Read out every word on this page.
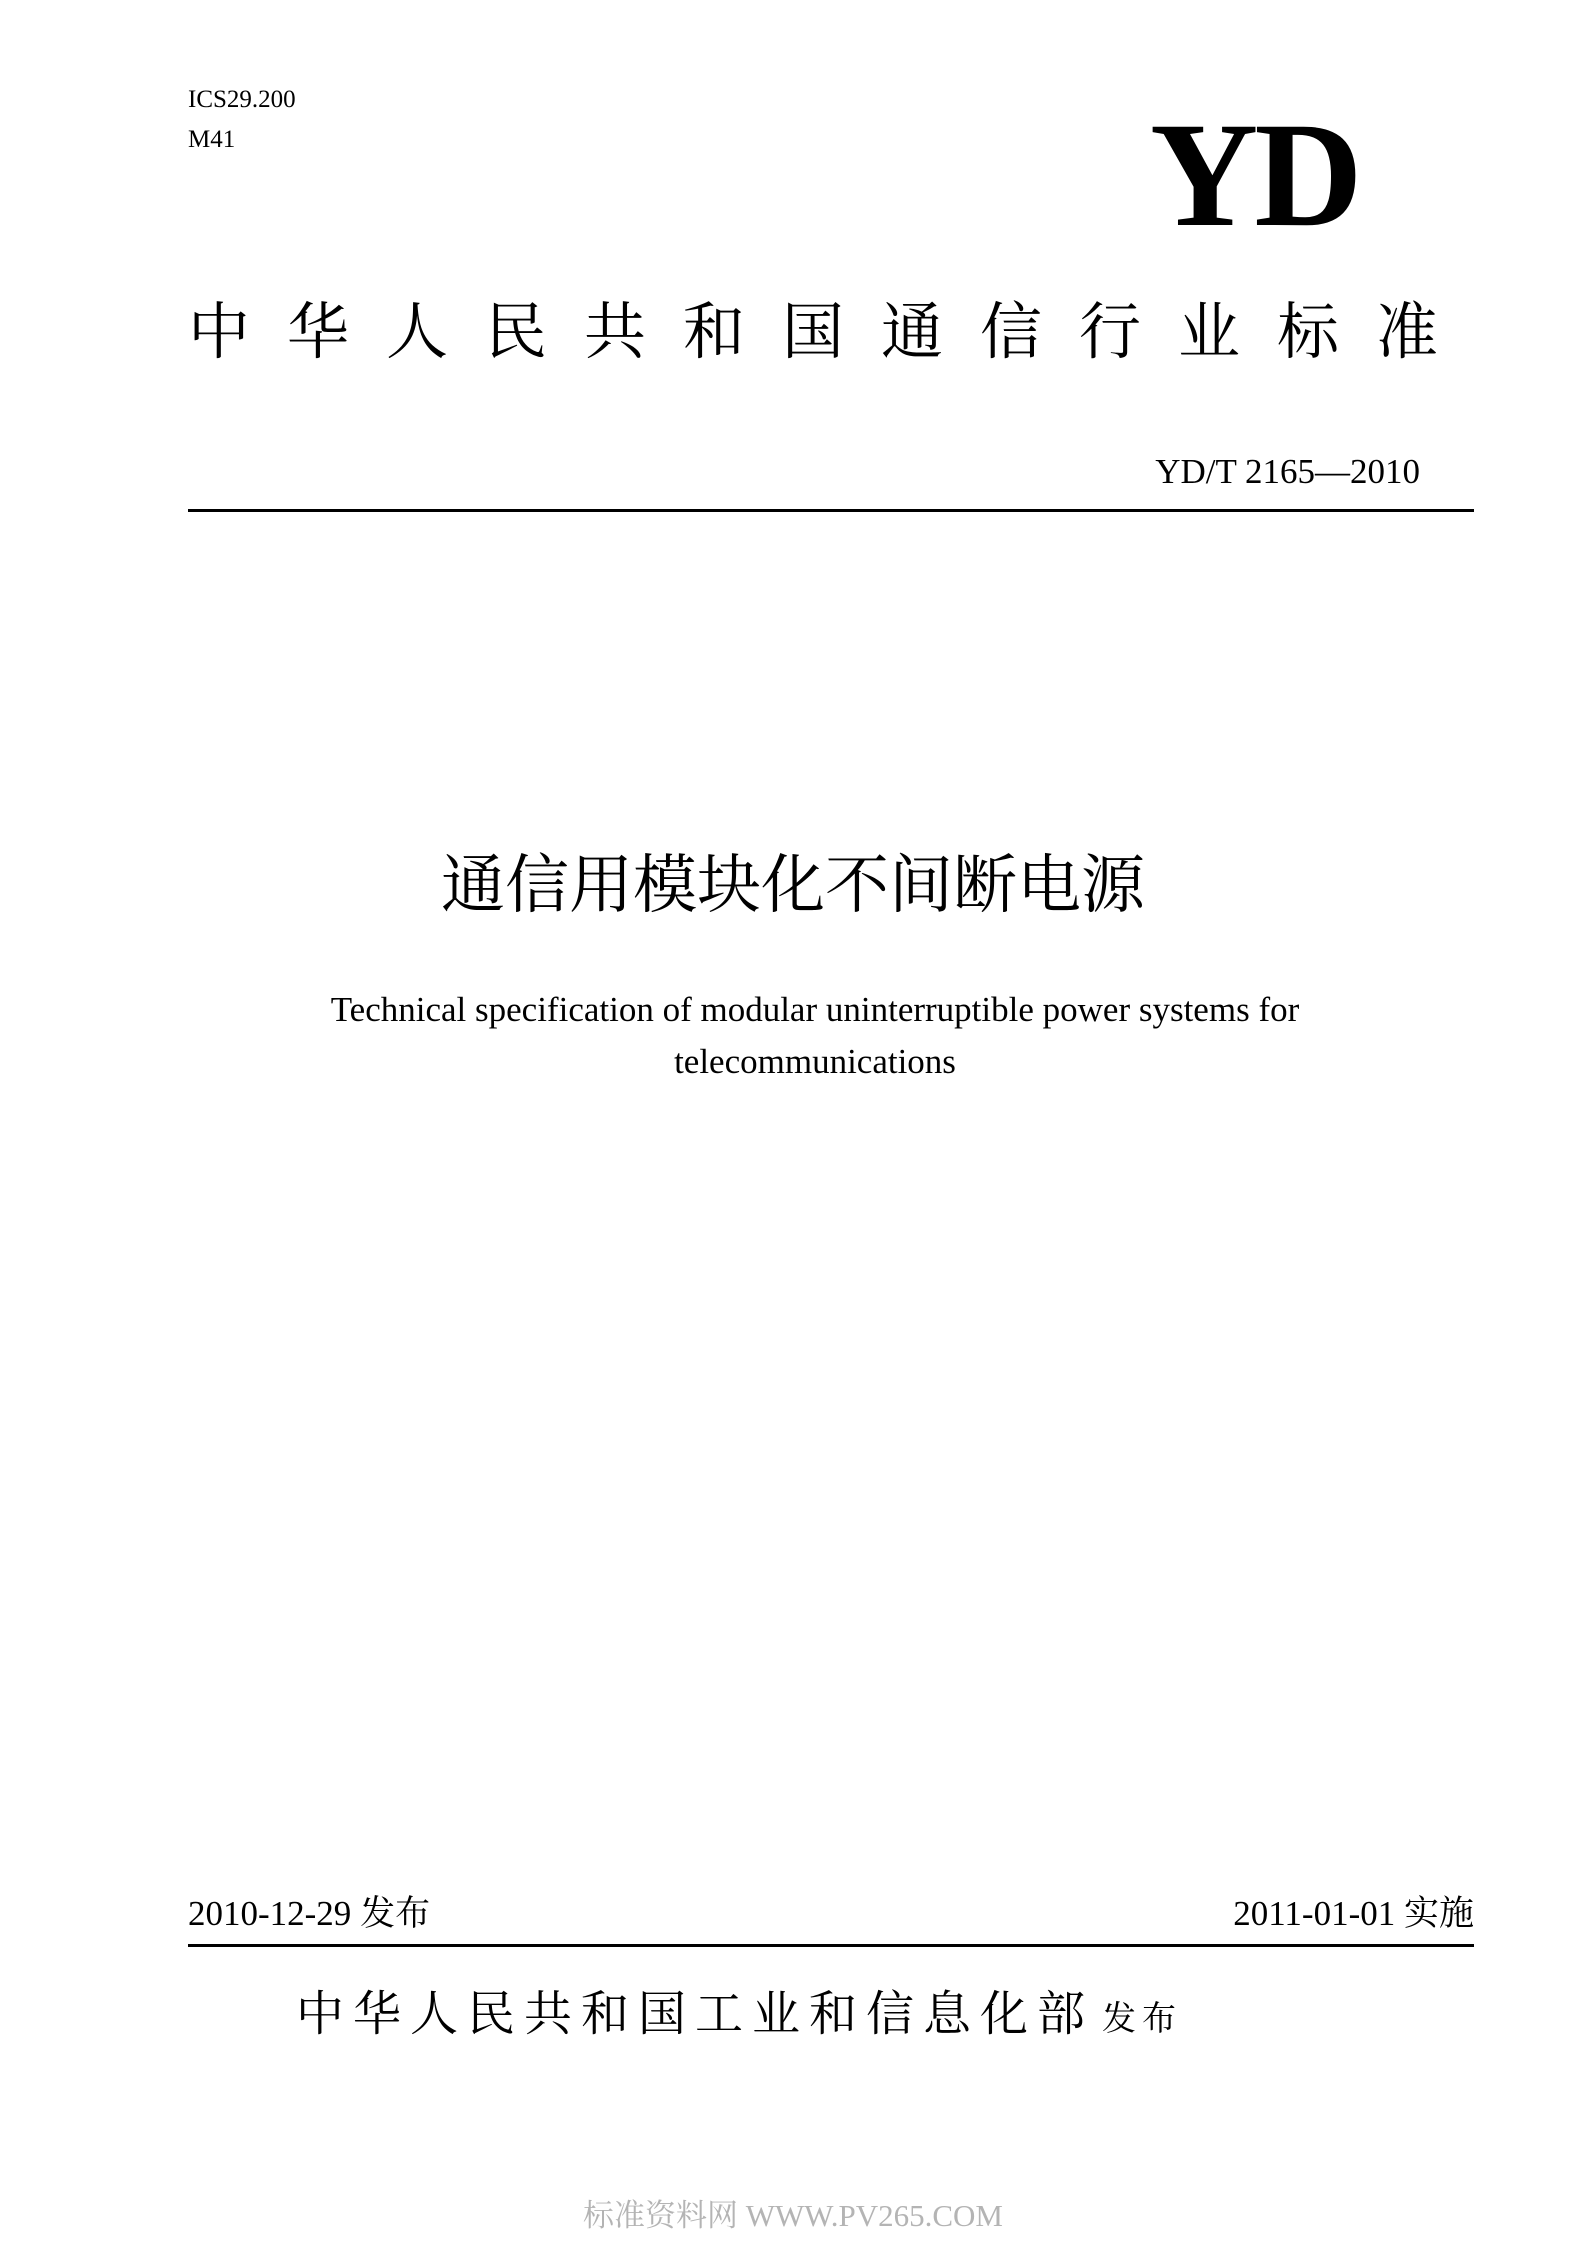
ICS29.200
M41	YD
中华人民共和国通信行业标准
YD/T 2165—2010
通信用模块化不间断电源
Technical specification of modular uninterruptible power systems for telecommunications
2010-12-29 发布	2011-01-01 实施
中华人民共和国工业和信息化部 发布
标准资料网 WWW.PV265.COM
